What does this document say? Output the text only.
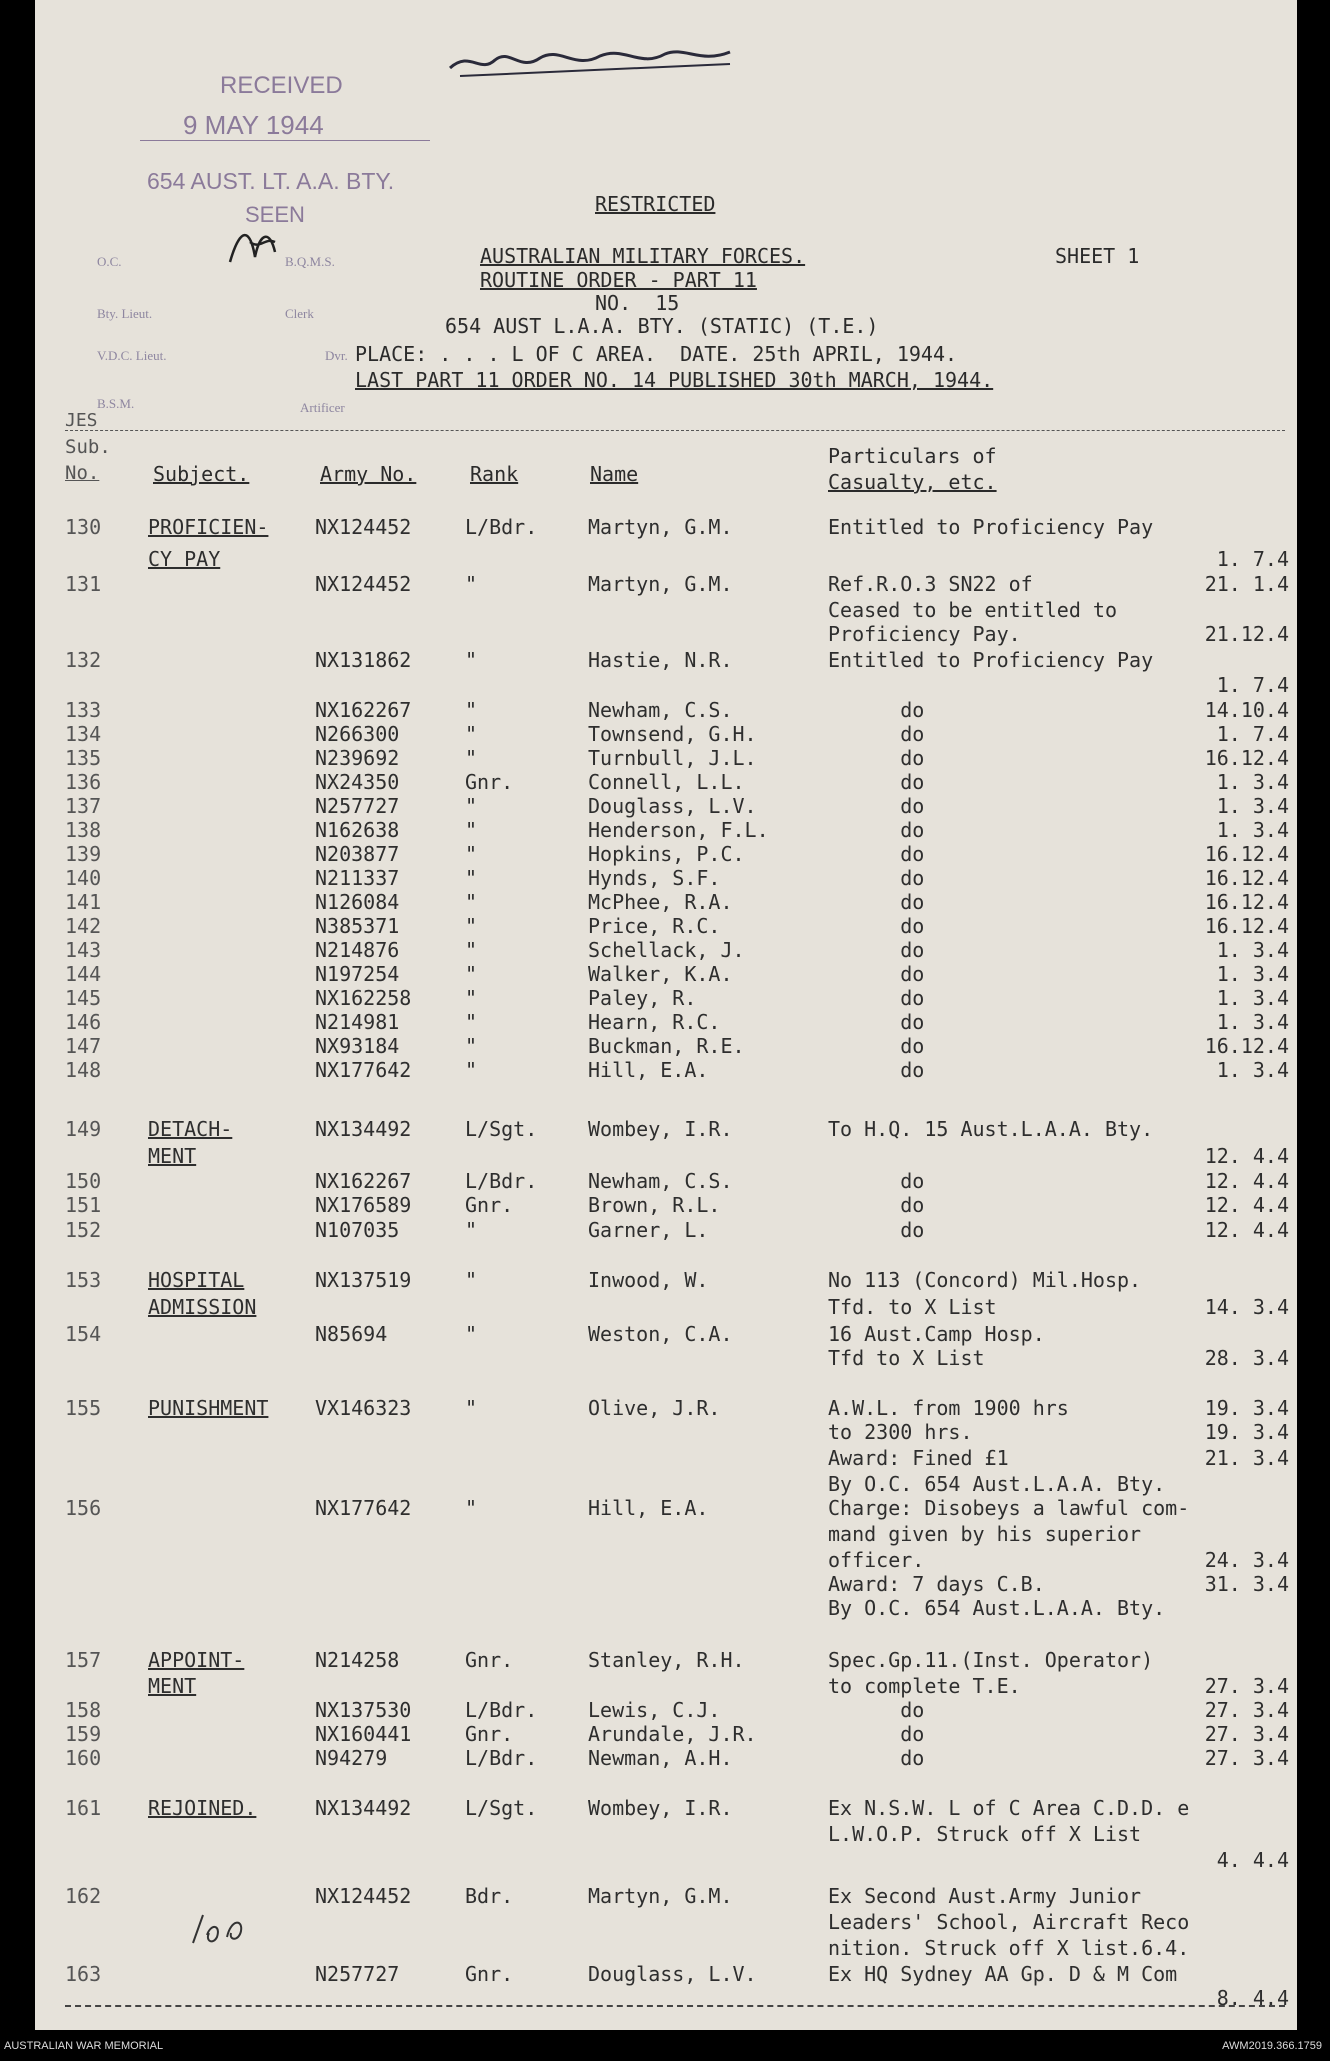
RECEIVED
9 MAY 1944
654 AUST. LT. A.A. BTY.
SEEN
O.C.	B.Q.M.S.
Bty. Lieut.	Clerk
V.D.C. Lieut.	Dvr.
B.S.M.	Artificer
RESTRICTED
AUSTRALIAN MILITARY FORCES.	SHEET 1
ROUTINE ORDER - PART 11
NO.  15
654 AUST L.A.A. BTY. (STATIC) (T.E.)
PLACE: . . . L OF C AREA.  DATE. 25th APRIL, 1944.
LAST PART 11 ORDER NO. 14 PUBLISHED 30th MARCH, 1944.
JES
Sub.
No.	Subject.	Army No.	Rank	Name
Particulars of
Casualty, etc.
130 PROFICIEN- NX124452	L/Bdr.	Martyn, G.M.	Entitled to Proficiency Pay
CY PAY	1. 7.4
131	NX124452	"	Martyn, G.M.	Ref.R.O.3 SN22 of	21. 1.4
Ceased to be entitled to
Proficiency Pay.	21.12.4
132	NX131862	"	Hastie, N.R.	Entitled to Proficiency Pay
1. 7.4
133	NX162267	"	Newham, C.S.	do	14.10.4
134	N266300	"	Townsend, G.H.	do	1. 7.4
135	N239692	"	Turnbull, J.L.	do	16.12.4
136	NX24350	Gnr.	Connell, L.L.	do	1. 3.4
137	N257727	"	Douglass, L.V.	do	1. 3.4
138	N162638	"	Henderson, F.L.	do	1. 3.4
139	N203877	"	Hopkins, P.C.	do	16.12.4
140	N211337	"	Hynds, S.F.	do	16.12.4
141	N126084	"	McPhee, R.A.	do	16.12.4
142	N385371	"	Price, R.C.	do	16.12.4
143	N214876	"	Schellack, J.	do	1. 3.4
144	N197254	"	Walker, K.A.	do	1. 3.4
145	NX162258	"	Paley, R.	do	1. 3.4
146	N214981	"	Hearn, R.C.	do	1. 3.4
147	NX93184	"	Buckman, R.E.	do	16.12.4
148	NX177642	"	Hill, E.A.	do	1. 3.4
149 DETACH-	NX134492	L/Sgt.	Wombey, I.R.	To H.Q. 15 Aust.L.A.A. Bty.
MENT	12. 4.4
150	NX162267	L/Bdr.	Newham, C.S.	do	12. 4.4
151	NX176589	Gnr.	Brown, R.L.	do	12. 4.4
152	N107035	"	Garner, L.	do	12. 4.4
153 HOSPITAL	NX137519	"	Inwood, W.	No 113 (Concord) Mil.Hosp.
ADMISSION	Tfd. to X List	14. 3.4
154	N85694	"	Weston, C.A.	16 Aust.Camp Hosp.
Tfd to X List	28. 3.4
155 PUNISHMENT VX146323	"	Olive, J.R.	A.W.L. from 1900 hrs	19. 3.4
to 2300 hrs.	19. 3.4
Award: Fined £1	21. 3.4
By O.C. 654 Aust.L.A.A. Bty.
156	NX177642	"	Hill, E.A.	Charge: Disobeys a lawful com-
mand given by his superior
officer.	24. 3.4
Award: 7 days C.B.	31. 3.4
By O.C. 654 Aust.L.A.A. Bty.
157 APPOINT-	N214258	Gnr.	Stanley, R.H.	Spec.Gp.11.(Inst. Operator)
MENT	to complete T.E.	27. 3.4
158	NX137530	L/Bdr.	Lewis, C.J.	do	27. 3.4
159	NX160441	Gnr.	Arundale, J.R.	do	27. 3.4
160	N94279	L/Bdr.	Newman, A.H.	do	27. 3.4
161 REJOINED.	NX134492	L/Sgt.	Wombey, I.R.	Ex N.S.W. L of C Area C.D.D. e
L.W.O.P. Struck off X List
4. 4.4
162	NX124452	Bdr.	Martyn, G.M.	Ex Second Aust.Army Junior
Leaders' School, Aircraft Reco
nition. Struck off X list.6.4.
163	N257727	Gnr.	Douglass, L.V.	Ex HQ Sydney AA Gp. D & M Com
8. 4.4
AUSTRALIAN WAR MEMORIAL	AWM2019.366.1759
